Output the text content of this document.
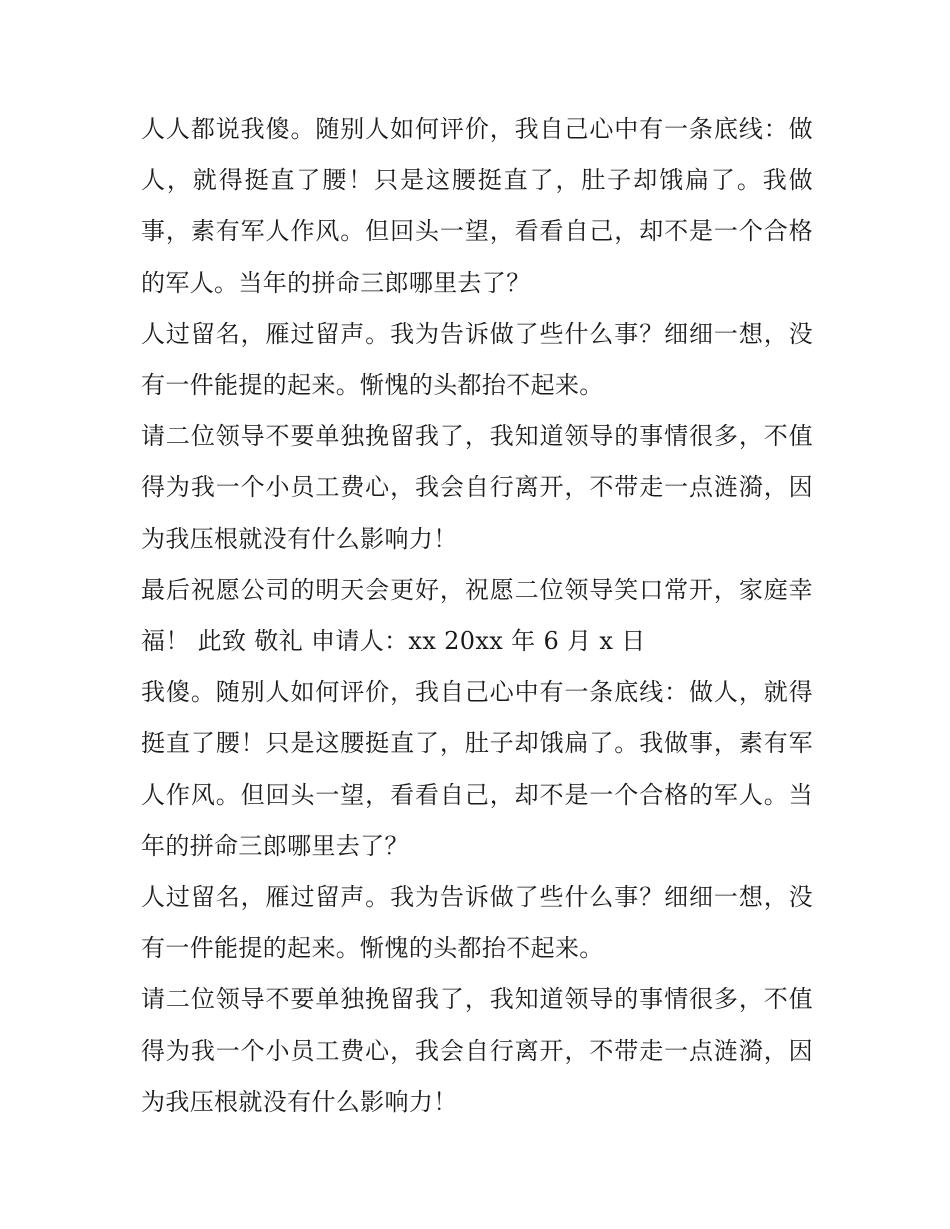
人人都说我傻。随别人如何评价，我自己心中有一条底线：做人，就得挺直了腰！只是这腰挺直了，肚子却饿扁了。我做事，素有军人作风。但回头一望，看看自己，却不是一个合格的军人。当年的拼命三郎哪里去了？

人过留名，雁过留声。我为告诉做了些什么事？细细一想，没有一件能提的起来。惭愧的头都抬不起来。

请二位领导不要单独挽留我了，我知道领导的事情很多，不值得为我一个小员工费心，我会自行离开，不带走一点涟漪，因为我压根就没有什么影响力！

最后祝愿公司的明天会更好，祝愿二位领导笑口常开，家庭幸福！ 此致 敬礼 申请人：xx 20xx 年 6 月 x 日

我傻。随别人如何评价，我自己心中有一条底线：做人，就得挺直了腰！只是这腰挺直了，肚子却饿扁了。我做事，素有军人作风。但回头一望，看看自己，却不是一个合格的军人。当年的拼命三郎哪里去了？

人过留名，雁过留声。我为告诉做了些什么事？细细一想，没有一件能提的起来。惭愧的头都抬不起来。

请二位领导不要单独挽留我了，我知道领导的事情很多，不值得为我一个小员工费心，我会自行离开，不带走一点涟漪，因为我压根就没有什么影响力！
